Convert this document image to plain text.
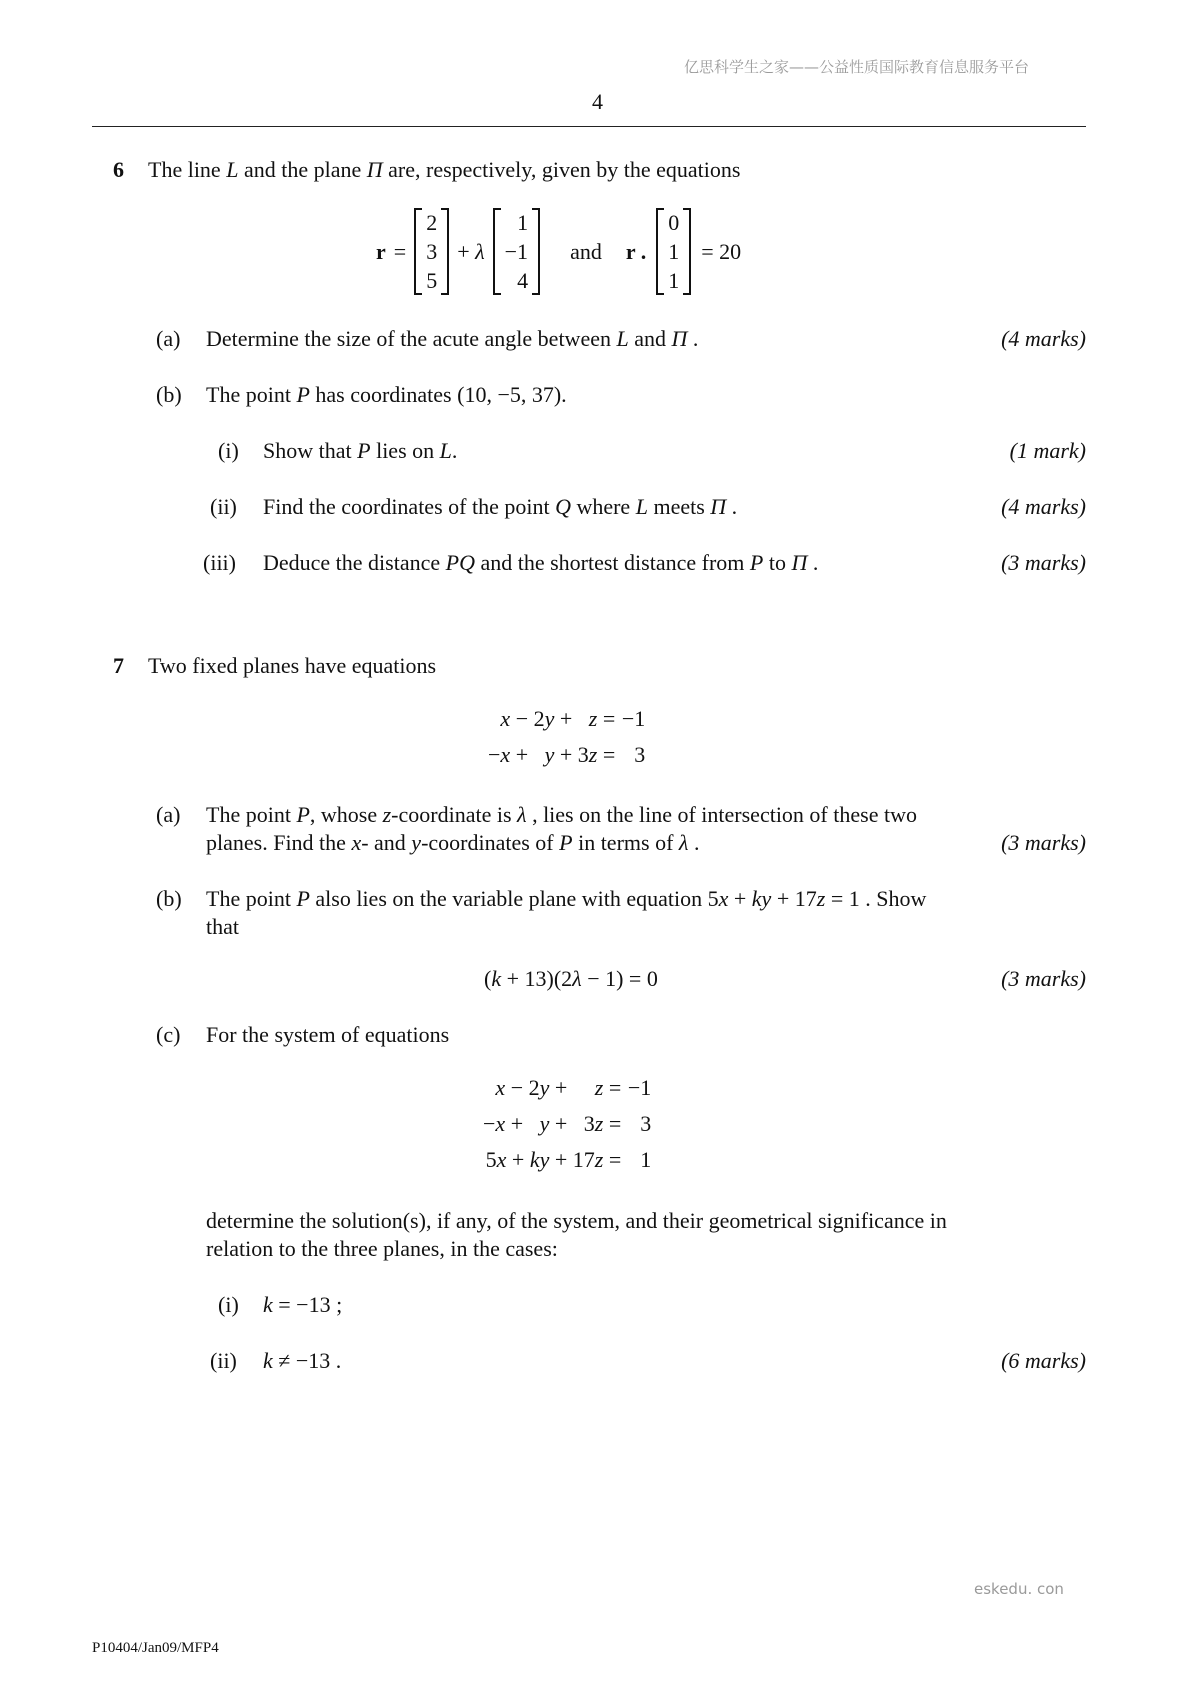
亿思科学生之家——公益性质国际教育信息服务平台
4
6 The line L and the plane Π are, respectively, given by the equations
r =
2
3
5
+ λ
1
−1
4
and r .
0
1
1
= 20
(a) Determine the size of the acute angle between L and Π .	(4 marks)
(b) The point P has coordinates (10, −5, 37).
(i) Show that P lies on L.	(1 mark)
(ii) Find the coordinates of the point Q where L meets Π .	(4 marks)
(iii) Deduce the distance PQ and the shortest distance from P to Π .	(3 marks)
7 Two fixed planes have equations
x − 2y +   z =	−1
−x +   y + 3z =	3
(a) The point P, whose z-coordinate is λ , lies on the line of intersection of these two
planes. Find the x- and y-coordinates of P in terms of λ .	(3 marks)
(b) The point P also lies on the variable plane with equation 5x + ky + 17z = 1 . Show
that
(k + 13)(2λ − 1) = 0	(3 marks)
(c) For the system of equations
x − 2y +     z =	−1
−x +   y +   3z =	3
5x + ky + 17z =	1
determine the solution(s), if any, of the system, and their geometrical significance in
relation to the three planes, in the cases:
(i) k = −13 ;
(ii) k ≠ −13 .	(6 marks)
eskedu. con
P10404/Jan09/MFP4
